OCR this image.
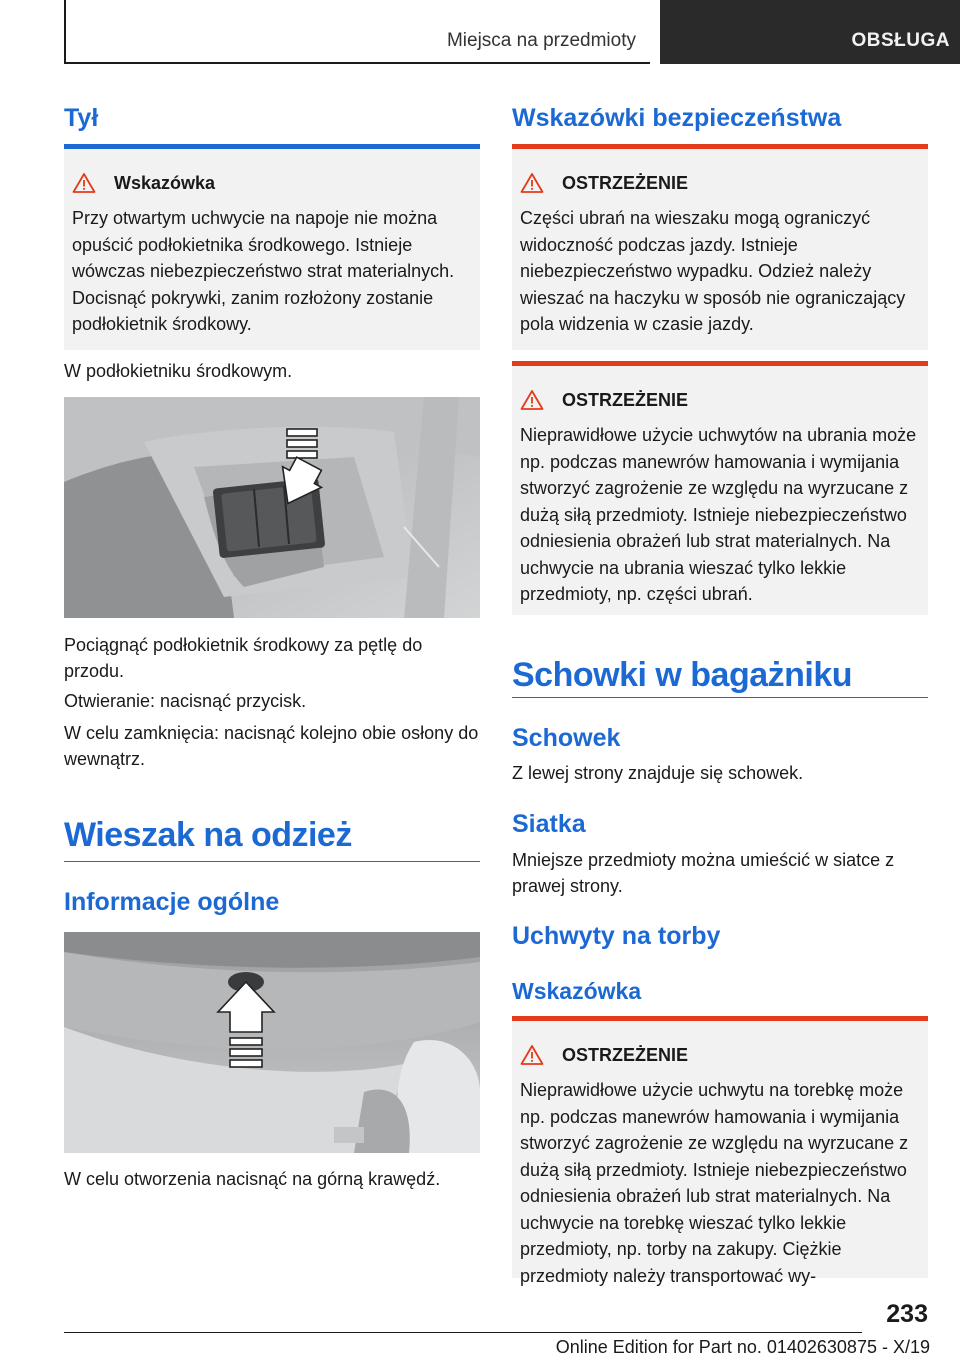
Miejsca na przedmioty	OBSŁUGA
Tył
Wskazówka
Przy otwartym uchwycie na napoje nie można opuścić podłokietnika środkowego. Istnieje wówczas niebezpieczeństwo strat materialnych. Docisnąć pokrywki, zanim rozłożony zostanie podłokietnik środkowy.
W podłokietniku środkowym.
Pociągnąć podłokietnik środkowy za pętlę do przodu.
Otwieranie: nacisnąć przycisk.
W celu zamknięcia: nacisnąć kolejno obie osłony do wewnątrz.
Wieszak na odzież
Informacje ogólne
W celu otworzenia nacisnąć na górną krawędź.
Wskazówki bezpieczeństwa
OSTRZEŻENIE
Części ubrań na wieszaku mogą ograniczyć widoczność podczas jazdy. Istnieje niebezpieczeństwo wypadku. Odzież należy wieszać na haczyku w sposób nie ograniczający pola widzenia w czasie jazdy.
OSTRZEŻENIE
Nieprawidłowe użycie uchwytów na ubrania może np. podczas manewrów hamowania i wymijania stworzyć zagrożenie ze względu na wyrzucane z dużą siłą przedmioty. Istnieje niebezpieczeństwo odniesienia obrażeń lub strat materialnych. Na uchwycie na ubrania wieszać tylko lekkie przedmioty, np. części ubrań.
Schowki w bagażniku
Schowek
Z lewej strony znajduje się schowek.
Siatka
Mniejsze przedmioty można umieścić w siatce z prawej strony.
Uchwyty na torby
Wskazówka
OSTRZEŻENIE
Nieprawidłowe użycie uchwytu na torebkę może np. podczas manewrów hamowania i wymijania stworzyć zagrożenie ze względu na wyrzucane z dużą siłą przedmioty. Istnieje niebezpieczeństwo odniesienia obrażeń lub strat materialnych. Na uchwycie na torebkę wieszać tylko lekkie przedmioty, np. torby na zakupy. Ciężkie przedmioty należy transportować wy-
233
Online Edition for Part no. 01402630875 - X/19
